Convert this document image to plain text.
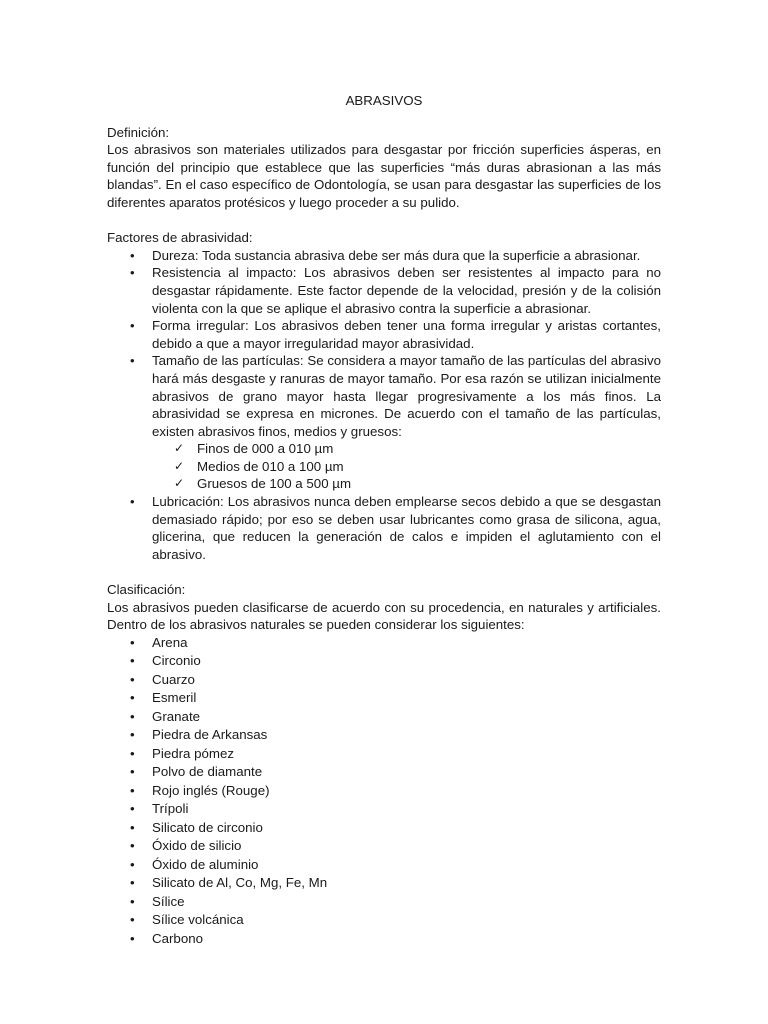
ABRASIVOS

Definición:

Los abrasivos son materiales utilizados para desgastar por fricción superficies ásperas, en función del principio que establece que las superficies “más duras abrasionan a las más blandas”. En el caso específico de Odontología, se usan para desgastar las superficies de los diferentes aparatos protésicos y luego proceder a su pulido.

Factores de abrasividad:

• Dureza: Toda sustancia abrasiva debe ser más dura que la superficie a abrasionar.
• Resistencia al impacto: Los abrasivos deben ser resistentes al impacto para no desgastar rápidamente. Este factor depende de la velocidad, presión y de la colisión violenta con la que se aplique el abrasivo contra la superficie a abrasionar.
• Forma irregular: Los abrasivos deben tener una forma irregular y aristas cortantes, debido a que a mayor irregularidad mayor abrasividad.
• Tamaño de las partículas: Se considera a mayor tamaño de las partículas del abrasivo hará más desgaste y ranuras de mayor tamaño. Por esa razón se utilizan inicialmente abrasivos de grano mayor hasta llegar progresivamente a los más finos. La abrasividad se expresa en micrones. De acuerdo con el tamaño de las partículas, existen abrasivos finos, medios y gruesos:
✓ Finos de 000 a 010 µm
✓ Medios de 010 a 100 µm
✓ Gruesos de 100 a 500 µm
• Lubricación: Los abrasivos nunca deben emplearse secos debido a que se desgastan demasiado rápido; por eso se deben usar lubricantes como grasa de silicona, agua, glicerina, que reducen la generación de calos e impiden el aglutamiento con el abrasivo.

Clasificación:

Los abrasivos pueden clasificarse de acuerdo con su procedencia, en naturales y artificiales. Dentro de los abrasivos naturales se pueden considerar los siguientes:

• Arena
• Circonio
• Cuarzo
• Esmeril
• Granate
• Piedra de Arkansas
• Piedra pómez
• Polvo de diamante
• Rojo inglés (Rouge)
• Trípoli
• Silicato de circonio
• Óxido de silicio
• Óxido de aluminio
• Silicato de Al, Co, Mg, Fe, Mn
• Sílice
• Sílice volcánica
• Carbono
